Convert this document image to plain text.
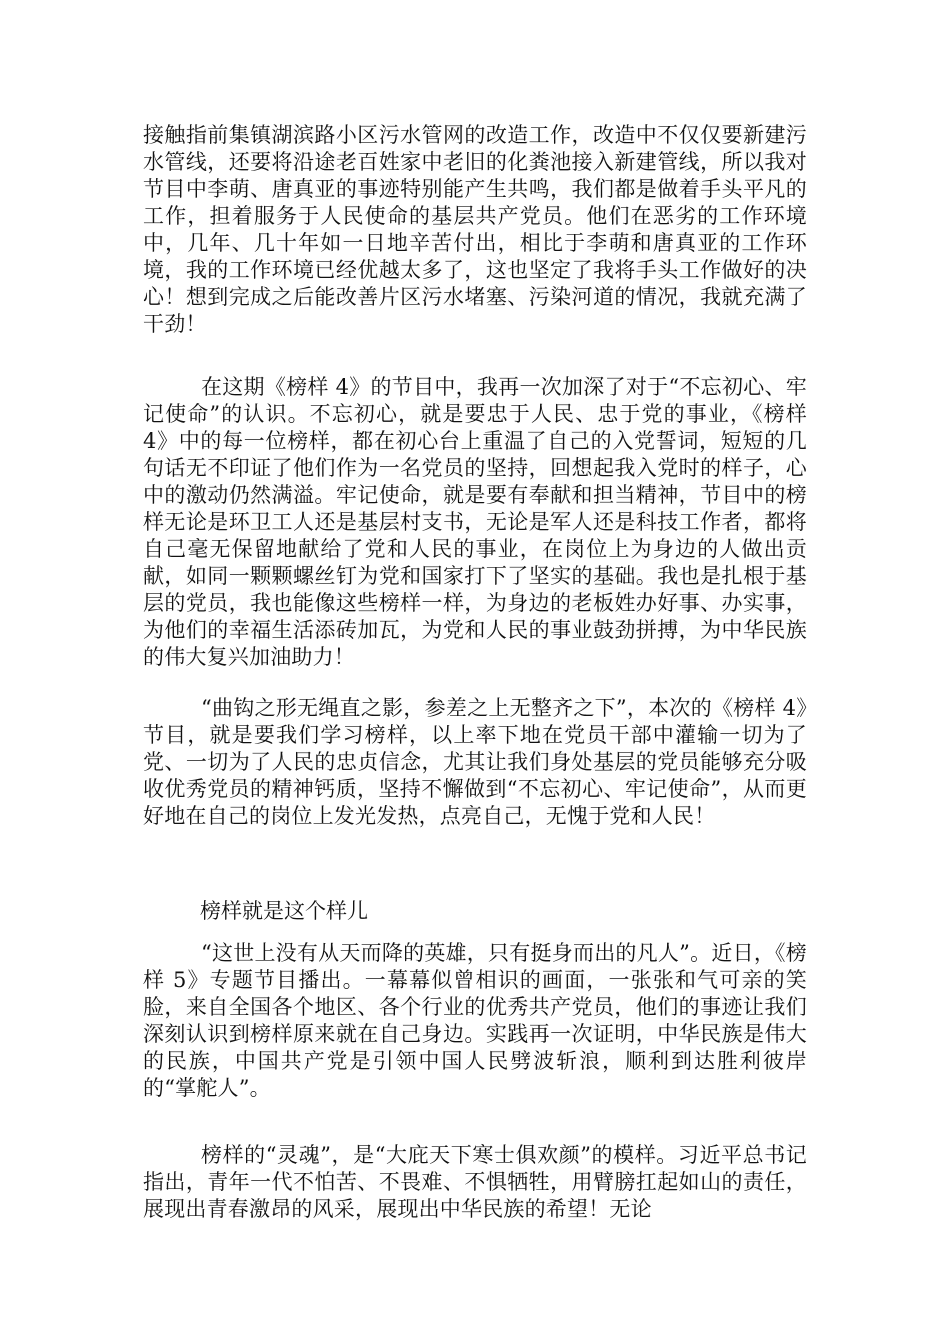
接触指前集镇湖滨路小区污水管网的改造工作，改造中不仅仅要新建污水管线，还要将沿途老百姓家中老旧的化粪池接入新建管线，所以我对节目中李萌、唐真亚的事迹特别能产生共鸣，我们都是做着手头平凡的工作，担着服务于人民使命的基层共产党员。他们在恶劣的工作环境中，几年、几十年如一日地辛苦付出，相比于李萌和唐真亚的工作环境，我的工作环境已经优越太多了，这也坚定了我将手头工作做好的决心！想到完成之后能改善片区污水堵塞、污染河道的情况，我就充满了干劲！

在这期《榜样 4》的节目中，我再一次加深了对于“不忘初心、牢记使命”的认识。不忘初心，就是要忠于人民、忠于党的事业，《榜样 4》中的每一位榜样，都在初心台上重温了自己的入党誓词，短短的几句话无不印证了他们作为一名党员的坚持，回想起我入党时的样子，心中的激动仍然满溢。牢记使命，就是要有奉献和担当精神，节目中的榜样无论是环卫工人还是基层村支书，无论是军人还是科技工作者，都将自己毫无保留地献给了党和人民的事业，在岗位上为身边的人做出贡献，如同一颗颗螺丝钉为党和国家打下了坚实的基础。我也是扎根于基层的党员，我也能像这些榜样一样，为身边的老板姓办好事、办实事，为他们的幸福生活添砖加瓦，为党和人民的事业鼓劲拼搏，为中华民族的伟大复兴加油助力！

“曲钩之形无绳直之影，参差之上无整齐之下”，本次的《榜样 4》节目，就是要我们学习榜样，以上率下地在党员干部中灌输一切为了党、一切为了人民的忠贞信念，尤其让我们身处基层的党员能够充分吸收优秀党员的精神钙质，坚持不懈做到“不忘初心、牢记使命”，从而更好地在自己的岗位上发光发热，点亮自己，无愧于党和人民！

榜样就是这个样儿

“这世上没有从天而降的英雄，只有挺身而出的凡人”。近日，《榜样 5》专题节目播出。一幕幕似曾相识的画面，一张张和气可亲的笑脸，来自全国各个地区、各个行业的优秀共产党员，他们的事迹让我们深刻认识到榜样原来就在自己身边。实践再一次证明，中华民族是伟大的民族，中国共产党是引领中国人民劈波斩浪，顺利到达胜利彼岸的“掌舵人”。

榜样的“灵魂”，是“大庇天下寒士俱欢颜”的模样。习近平总书记指出，青年一代不怕苦、不畏难、不惧牺牲，用臂膀扛起如山的责任，展现出青春激昂的风采，展现出中华民族的希望！无论
